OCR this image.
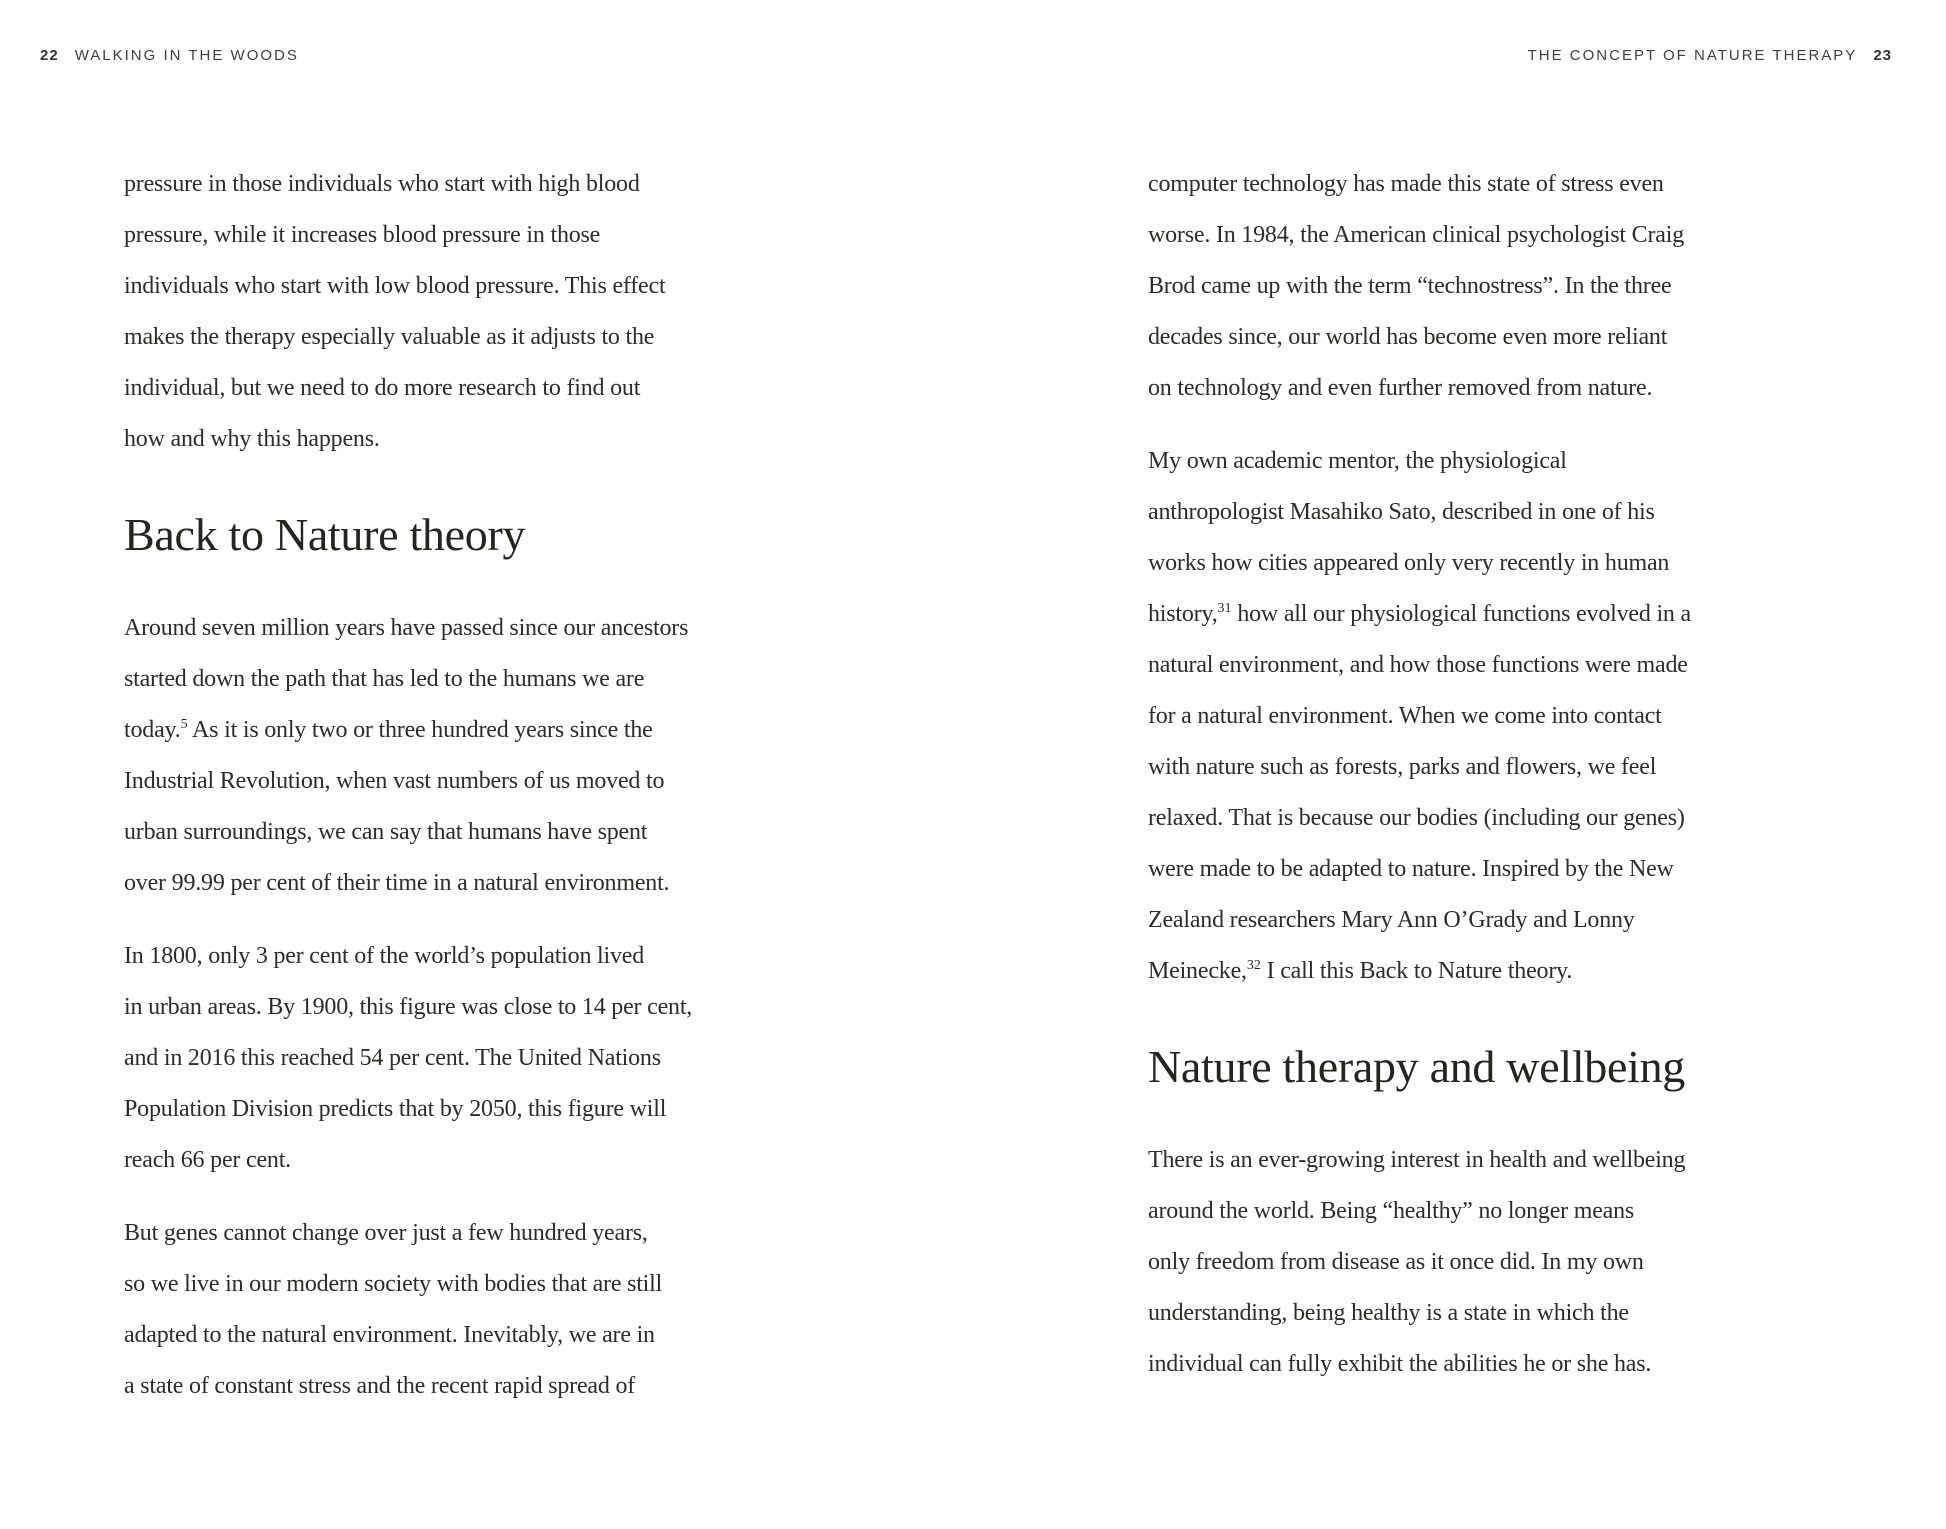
22 WALKING IN THE WOODS	THE CONCEPT OF NATURE THERAPY 23

pressure in those individuals who start with high blood
pressure, while it increases blood pressure in those
individuals who start with low blood pressure. This effect
makes the therapy especially valuable as it adjusts to the
individual, but we need to do more research to find out
how and why this happens.

Back to Nature theory

Around seven million years have passed since our ancestors
started down the path that has led to the humans we are
today.$^5$ As it is only two or three hundred years since the
Industrial Revolution, when vast numbers of us moved to
urban surroundings, we can say that humans have spent
over 99.99 per cent of their time in a natural environment.

In 1800, only 3 per cent of the world’s population lived
in urban areas. By 1900, this figure was close to 14 per cent,
and in 2016 this reached 54 per cent. The United Nations
Population Division predicts that by 2050, this figure will
reach 66 per cent.

But genes cannot change over just a few hundred years,
so we live in our modern society with bodies that are still
adapted to the natural environment. Inevitably, we are in
a state of constant stress and the recent rapid spread of

computer technology has made this state of stress even
worse. In 1984, the American clinical psychologist Craig
Brod came up with the term “technostress”. In the three
decades since, our world has become even more reliant
on technology and even further removed from nature.

My own academic mentor, the physiological
anthropologist Masahiko Sato, described in one of his
works how cities appeared only very recently in human
history,$^{31}$ how all our physiological functions evolved in a
natural environment, and how those functions were made
for a natural environment. When we come into contact
with nature such as forests, parks and flowers, we feel
relaxed. That is because our bodies (including our genes)
were made to be adapted to nature. Inspired by the New
Zealand researchers Mary Ann O’Grady and Lonny
Meinecke,$^{32}$ I call this Back to Nature theory.

Nature therapy and wellbeing

There is an ever-growing interest in health and wellbeing
around the world. Being “healthy” no longer means
only freedom from disease as it once did. In my own
understanding, being healthy is a state in which the
individual can fully exhibit the abilities he or she has.
